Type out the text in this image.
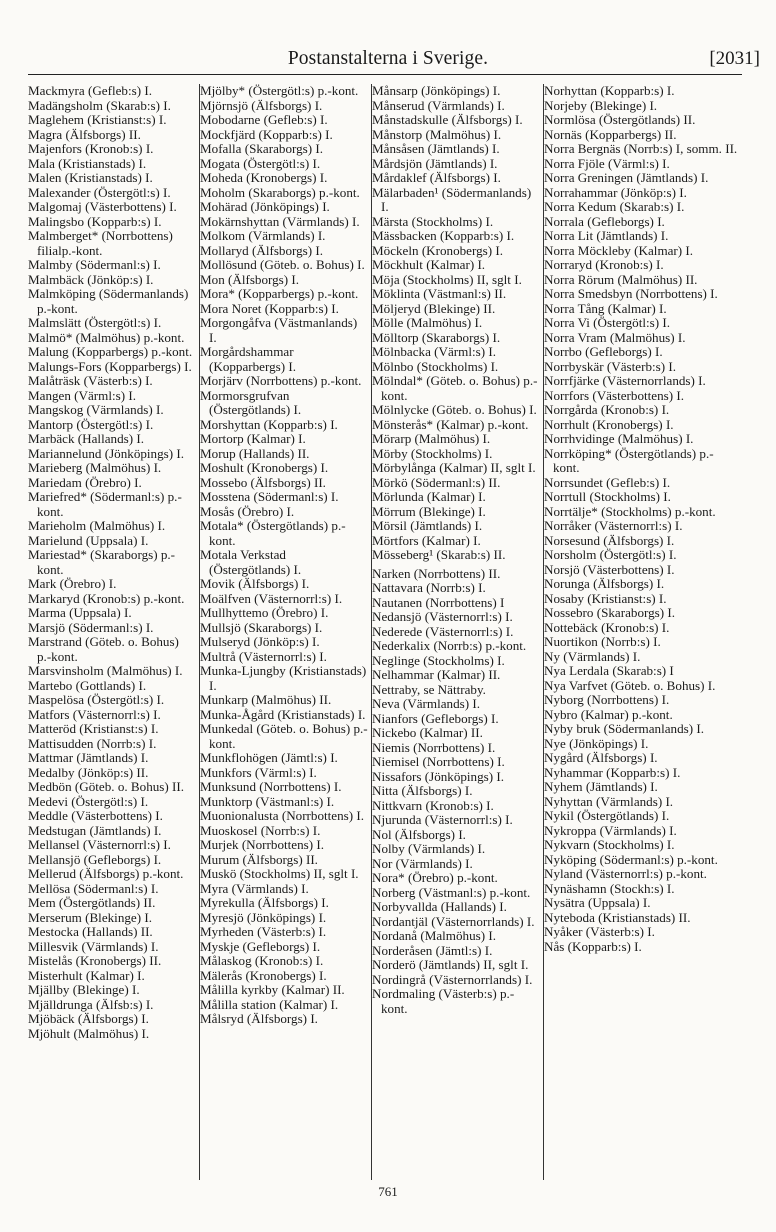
Postanstalterna i Sverige.	[2031]

Mackmyra (Gefleb:s) I.

Madängsholm (Skarab:s) I.

Maglehem (Kristianst:s) I.

Magra (Älfsborgs) II.

Majenfors (Kronob:s) I.

Mala (Kristianstads) I.

Malen (Kristianstads) I.

Malexander (Östergötl:s) I.

Malgomaj (Västerbottens) I.

Malingsbo (Kopparb:s) I.

Malmberget* (Norrbottens) filialp.-kont.

Malmby (Södermanl:s) I.

Malmbäck (Jönköp:s) I.

Malmköping (Södermanlands) p.-kont.

Malmslätt (Östergötl:s) I.

Malmö* (Malmöhus) p.-kont.

Malung (Kopparbergs) p.-kont.

Malungs-Fors (Kopparbergs) I.

Malåträsk (Västerb:s) I.

Mangen (Värml:s) I.

Mangskog (Värmlands) I.

Mantorp (Östergötl:s) I.

Marbäck (Hallands) I.

Mariannelund (Jönköpings) I.

Marieberg (Malmöhus) I.

Mariedam (Örebro) I.

Mariefred* (Södermanl:s) p.-kont.

Marieholm (Malmöhus) I.

Marielund (Uppsala) I.

Mariestad* (Skaraborgs) p.-kont.

Mark (Örebro) I.

Markaryd (Kronob:s) p.-kont.

Marma (Uppsala) I.

Marsjö (Södermanl:s) I.

Marstrand (Göteb. o. Bohus) p.-kont.

Marsvinsholm (Malmöhus) I.

Martebo (Gottlands) I.

Maspelösa (Östergötl:s) I.

Matfors (Västernorrl:s) I.

Matteröd (Kristianst:s) I.

Mattisudden (Norrb:s) I.

Mattmar (Jämtlands) I.

Medalby (Jönköp:s) II.

Medbön (Göteb. o. Bohus) II.

Medevi (Östergötl:s) I.

Meddle (Västerbottens) I.

Medstugan (Jämtlands) I.

Mellansel (Västernorrl:s) I.

Mellansjö (Gefleborgs) I.

Mellerud (Älfsborgs) p.-kont.

Mellösa (Södermanl:s) I.

Mem (Östergötlands) II.

Merserum (Blekinge) I.

Mestocka (Hallands) II.

Millesvik (Värmlands) I.

Mistelås (Kronobergs) II.

Misterhult (Kalmar) I.

Mjällby (Blekinge) I.

Mjälldrunga (Älfsb:s) I.

Mjöbäck (Älfsborgs) I.

Mjöhult (Malmöhus) I.

Mjölby* (Östergötl:s) p.-kont.

Mjörnsjö (Älfsborgs) I.

Mobodarne (Gefleb:s) I.

Mockfjärd (Kopparb:s) I.

Mofalla (Skaraborgs) I.

Mogata (Östergötl:s) I.

Moheda (Kronobergs) I.

Moholm (Skaraborgs) p.-kont.

Mohärad (Jönköpings) I.

Mokärnshyttan (Värmlands) I.

Molkom (Värmlands) I.

Mollaryd (Älfsborgs) I.

Mollösund (Göteb. o. Bohus) I.

Mon (Älfsborgs) I.

Mora* (Kopparbergs) p.-kont.

Mora Noret (Kopparb:s) I.

Morgongåfva (Västmanlands) I.

Morgårdshammar (Kopparbergs) I.

Morjärv (Norrbottens) p.-kont.

Mormorsgrufvan (Östergötlands) I.

Morshyttan (Kopparb:s) I.

Mortorp (Kalmar) I.

Morup (Hallands) II.

Moshult (Kronobergs) I.

Mossebo (Älfsborgs) II.

Mosstena (Södermanl:s) I.

Mosås (Örebro) I.

Motala* (Östergötlands) p.-kont.

Motala Verkstad (Östergötlands) I.

Movik (Älfsborgs) I.

Moälfven (Västernorrl:s) I.

Mullhyttemo (Örebro) I.

Mullsjö (Skaraborgs) I.

Mulseryd (Jönköp:s) I.

Multrå (Västernorrl:s) I.

Munka-Ljungby (Kristianstads) I.

Munkarp (Malmöhus) II.

Munka-Ågård (Kristianstads) I.

Munkedal (Göteb. o. Bohus) p.-kont.

Munkflohögen (Jämtl:s) I.

Munkfors (Värml:s) I.

Munksund (Norrbottens) I.

Munktorp (Västmanl:s) I.

Muonionalusta (Norrbottens) I.

Muoskosel (Norrb:s) I.

Murjek (Norrbottens) I.

Murum (Älfsborgs) II.

Muskö (Stockholms) II, sglt I.

Myra (Värmlands) I.

Myrekulla (Älfsborgs) I.

Myresjö (Jönköpings) I.

Myrheden (Västerb:s) I.

Myskje (Gefleborgs) I.

Målaskog (Kronob:s) I.

Mälerås (Kronobergs) I.

Målilla kyrkby (Kalmar) II.

Målilla station (Kalmar) I.

Målsryd (Älfsborgs) I.

Månsarp (Jönköpings) I.

Månserud (Värmlands) I.

Månstadskulle (Älfsborgs) I.

Månstorp (Malmöhus) I.

Månsåsen (Jämtlands) I.

Mårdsjön (Jämtlands) I.

Mårdaklef (Älfsborgs) I.

Mälarbaden¹ (Södermanlands) I.

Märsta (Stockholms) I.

Mässbacken (Kopparb:s) I.

Möckeln (Kronobergs) I.

Möckhult (Kalmar) I.

Möja (Stockholms) II, sglt I.

Möklinta (Västmanl:s) II.

Möljeryd (Blekinge) II.

Mölle (Malmöhus) I.

Mölltorp (Skaraborgs) I.

Mölnbacka (Värml:s) I.

Mölnbo (Stockholms) I.

Mölndal* (Göteb. o. Bohus) p.-kont.

Mölnlycke (Göteb. o. Bohus) I.

Mönsterås* (Kalmar) p.-kont.

Mörarp (Malmöhus) I.

Mörby (Stockholms) I.

Mörbylånga (Kalmar) II, sglt I.

Mörkö (Södermanl:s) II.

Mörlunda (Kalmar) I.

Mörrum (Blekinge) I.

Mörsil (Jämtlands) I.

Mörtfors (Kalmar) I.

Mösseberg¹ (Skarab:s) II.

Narken (Norrbottens) II.

Nattavara (Norrb:s) I.

Nautanen (Norrbottens) I

Nedansjö (Västernorrl:s) I.

Nederede (Västernorrl:s) I.

Nederkalix (Norrb:s) p.-kont.

Neglinge (Stockholms) I.

Nelhammar (Kalmar) II.

Nettraby, se Nättraby.

Neva (Värmlands) I.

Nianfors (Gefleborgs) I.

Nickebo (Kalmar) II.

Niemis (Norrbottens) I.

Niemisel (Norrbottens) I.

Nissafors (Jönköpings) I.

Nitta (Älfsborgs) I.

Nittkvarn (Kronob:s) I.

Njurunda (Västernorrl:s) I.

Nol (Älfsborgs) I.

Nolby (Värmlands) I.

Nor (Värmlands) I.

Nora* (Örebro) p.-kont.

Norberg (Västmanl:s) p.-kont.

Norbyvallda (Hallands) I.

Nordantjäl (Västernorrlands) I.

Nordanå (Malmöhus) I.

Norderåsen (Jämtl:s) I.

Norderö (Jämtlands) II, sglt I.

Nordingrå (Västernorrlands) I.

Nordmaling (Västerb:s) p.-kont.

Norhyttan (Kopparb:s) I.

Norjeby (Blekinge) I.

Normlösa (Östergötlands) II.

Nornäs (Kopparbergs) II.

Norra Bergnäs (Norrb:s) I, somm. II.

Norra Fjöle (Värml:s) I.

Norra Greningen (Jämtlands) I.

Norrahammar (Jönköp:s) I.

Norra Kedum (Skarab:s) I.

Norrala (Gefleborgs) I.

Norra Lit (Jämtlands) I.

Norra Möckleby (Kalmar) I.

Norraryd (Kronob:s) I.

Norra Rörum (Malmöhus) II.

Norra Smedsbyn (Norrbottens) I.

Norra Tång (Kalmar) I.

Norra Vi (Östergötl:s) I.

Norra Vram (Malmöhus) I.

Norrbo (Gefleborgs) I.

Norrbyskär (Västerb:s) I.

Norrfjärke (Västernorrlands) I.

Norrfors (Västerbottens) I.

Norrgårda (Kronob:s) I.

Norrhult (Kronobergs) I.

Norrhvidinge (Malmöhus) I.

Norrköping* (Östergötlands) p.-kont.

Norrsundet (Gefleb:s) I.

Norrtull (Stockholms) I.

Norrtälje* (Stockholms) p.-kont.

Norråker (Västernorrl:s) I.

Norsesund (Älfsborgs) I.

Norsholm (Östergötl:s) I.

Norsjö (Västerbottens) I.

Norunga (Älfsborgs) I.

Nosaby (Kristianst:s) I.

Nossebro (Skaraborgs) I.

Nottebäck (Kronob:s) I.

Nuortikon (Norrb:s) I.

Ny (Värmlands) I.

Nya Lerdala (Skarab:s) I

Nya Varfvet (Göteb. o. Bohus) I.

Nyborg (Norrbottens) I.

Nybro (Kalmar) p.-kont.

Nyby bruk (Södermanlands) I.

Nye (Jönköpings) I.

Nygård (Älfsborgs) I.

Nyhammar (Kopparb:s) I.

Nyhem (Jämtlands) I.

Nyhyttan (Värmlands) I.

Nykil (Östergötlands) I.

Nykroppa (Värmlands) I.

Nykvarn (Stockholms) I.

Nyköping (Södermanl:s) p.-kont.

Nyland (Västernorrl:s) p.-kont.

Nynäshamn (Stockh:s) I.

Nysätra (Uppsala) I.

Nyteboda (Kristianstads) II.

Nyåker (Västerb:s) I.

Nås (Kopparb:s) I.

761
